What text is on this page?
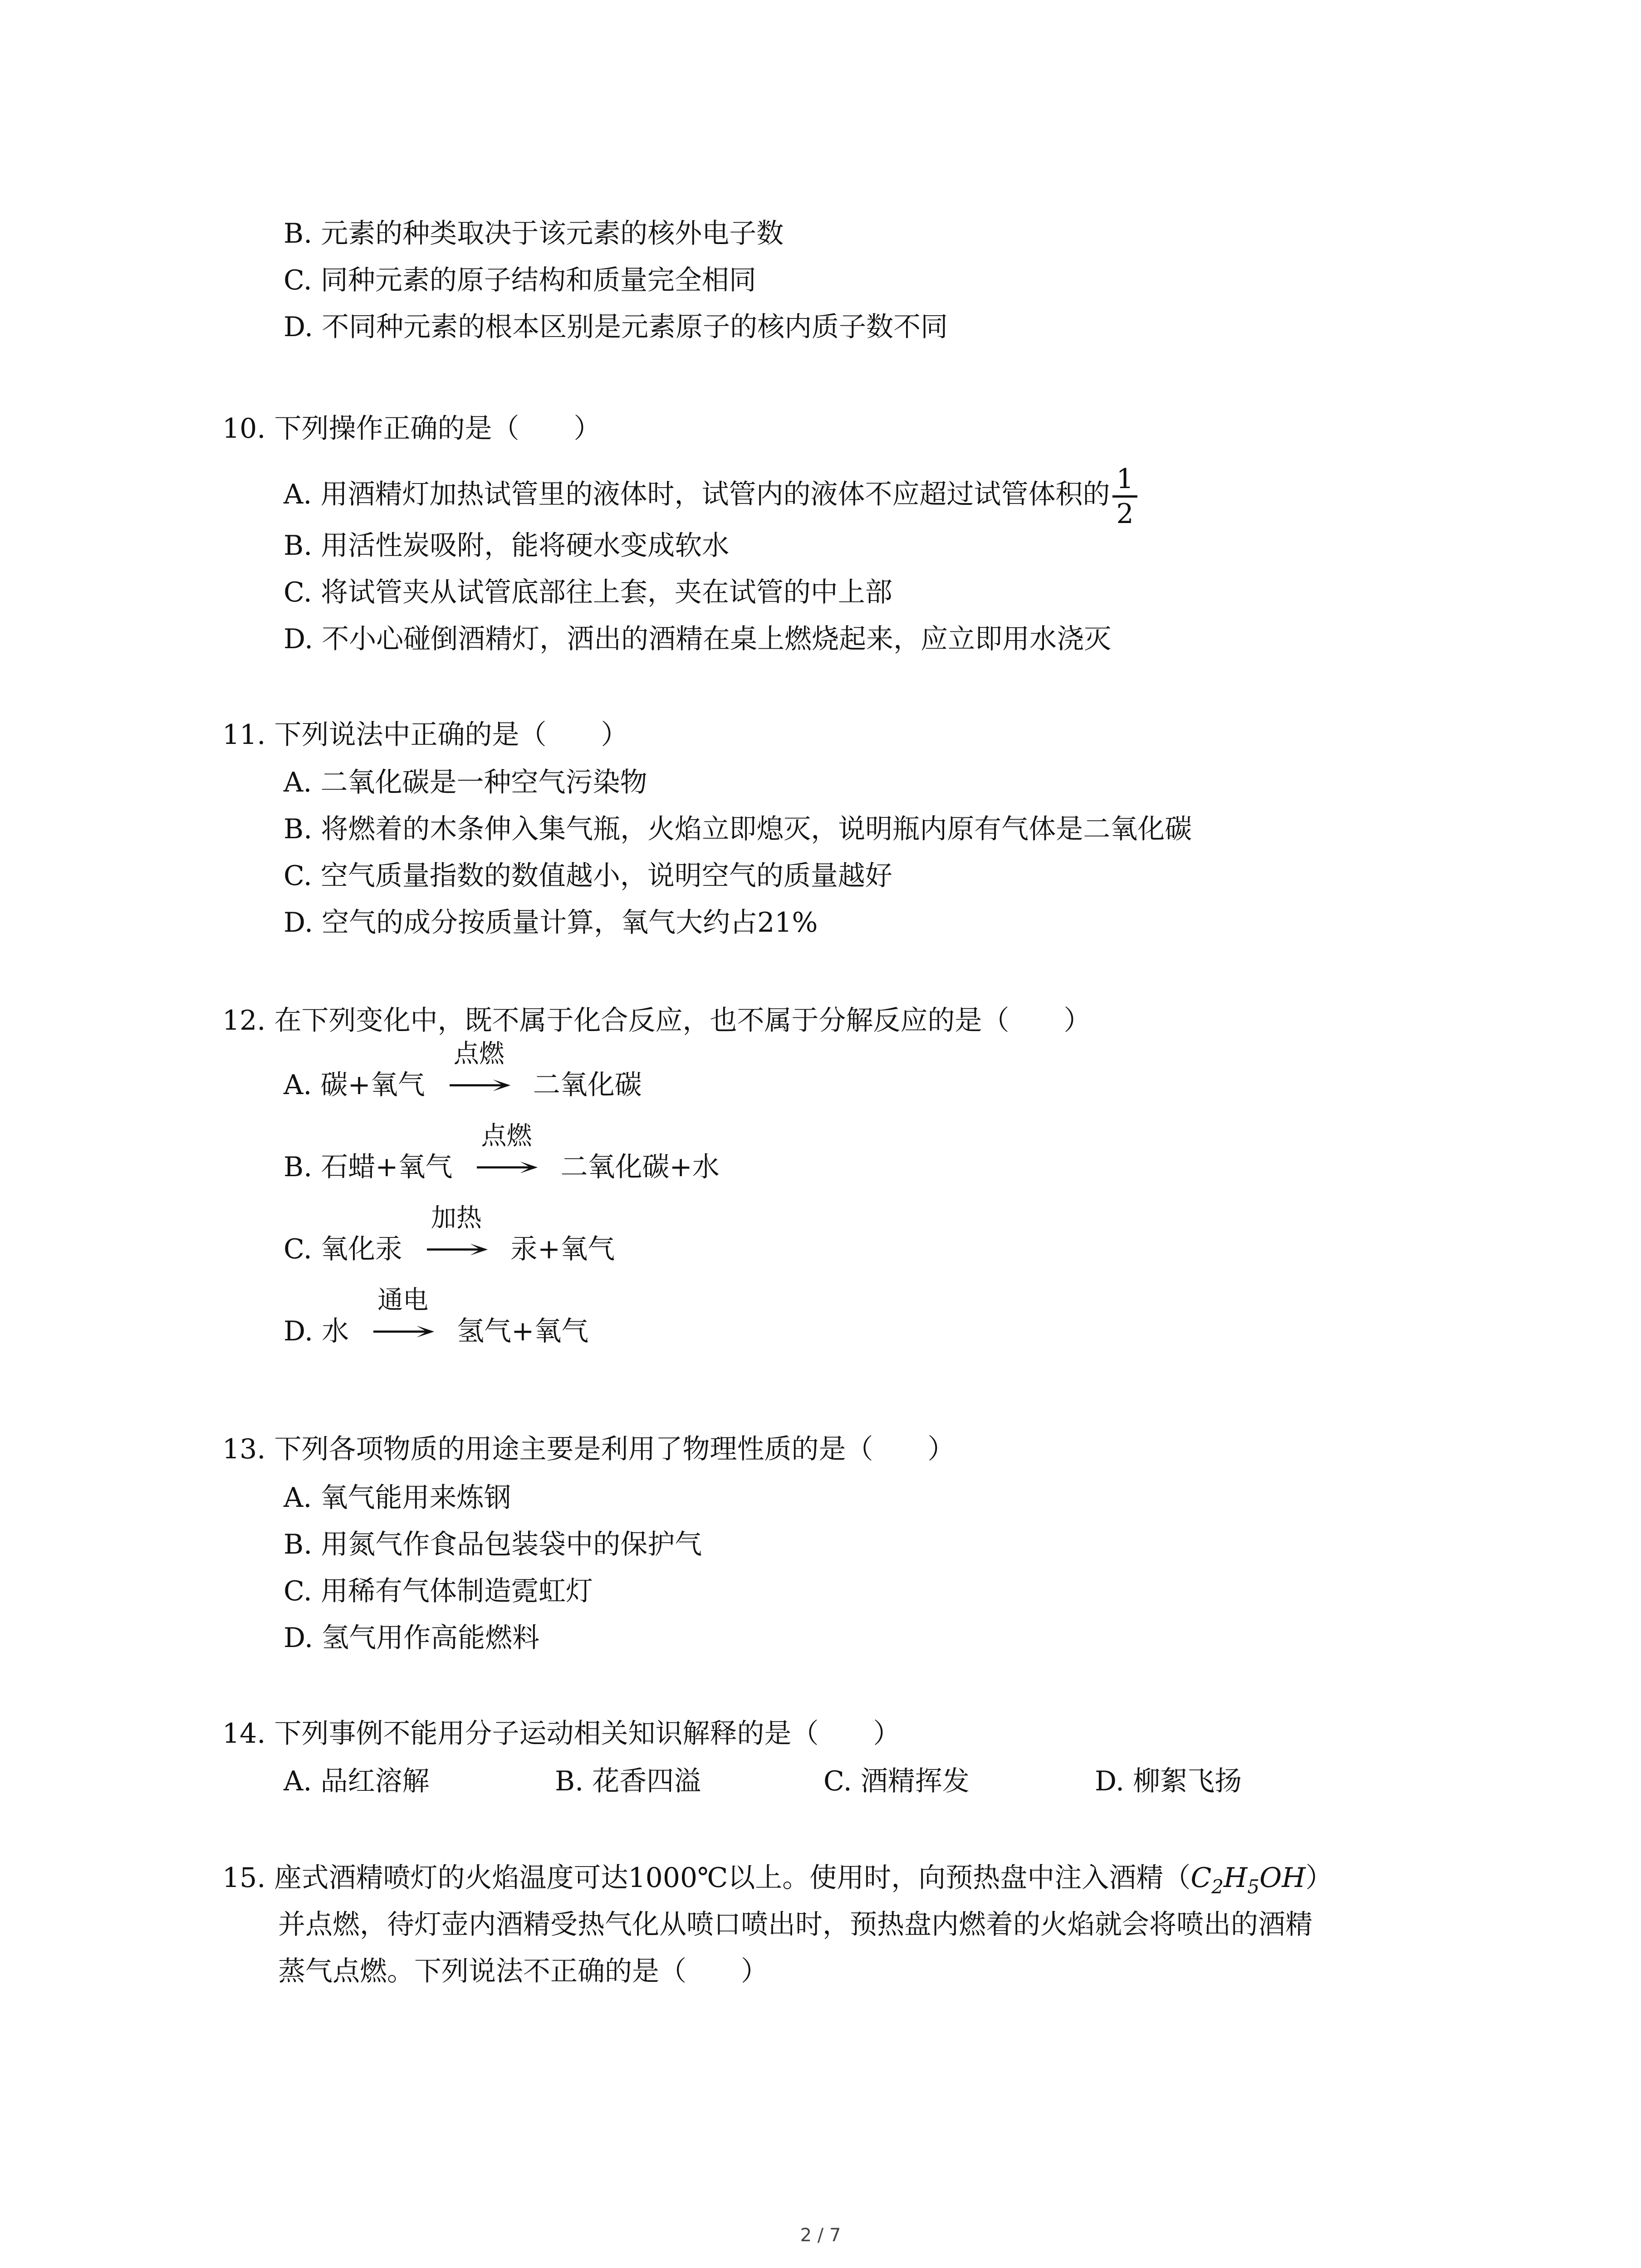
B. 元素的种类取决于该元素的核外电子数
C. 同种元素的原子结构和质量完全相同
D. 不同种元素的根本区别是元素原子的核内质子数不同
10. 下列操作正确的是（　　）
A. 用酒精灯加热试管里的液体时，试管内的液体不应超过试管体积的 $\frac{1}{2}$
B. 用活性炭吸附，能将硬水变成软水
C. 将试管夹从试管底部往上套，夹在试管的中上部
D. 不小心碰倒酒精灯，洒出的酒精在桌上燃烧起来，应立即用水浇灭
11. 下列说法中正确的是（　　）
A. 二氧化碳是一种空气污染物
B. 将燃着的木条伸入集气瓶，火焰立即熄灭，说明瓶内原有气体是二氧化碳
C. 空气质量指数的数值越小，说明空气的质量越好
D. 空气的成分按质量计算，氧气大约占21%
12. 在下列变化中，既不属于化合反应，也不属于分解反应的是（　　）
A. 碳+氧气
点燃
→ 二氧化碳
B. 石蜡+氧气
点燃
→ 二氧化碳+水
C. 氧化汞
加热
→ 汞+氧气
D. 水
通电
→ 氢气+氧气
13. 下列各项物质的用途主要是利用了物理性质的是（　　）
A. 氧气能用来炼钢
B. 用氮气作食品包装袋中的保护气
C. 用稀有气体制造霓虹灯
D. 氢气用作高能燃料
14. 下列事例不能用分子运动相关知识解释的是（　　）
A. 品红溶解	B. 花香四溢	C. 酒精挥发	D. 柳絮飞扬
15. 座式酒精喷灯的火焰温度可达1000℃以上。使用时，向预热盘中注入酒精$(C_2H_5OH)$
并点燃，待灯壶内酒精受热气化从喷口喷出时，预热盘内燃着的火焰就会将喷出的酒精
蒸气点燃。下列说法不正确的是（　　）
2 / 7
